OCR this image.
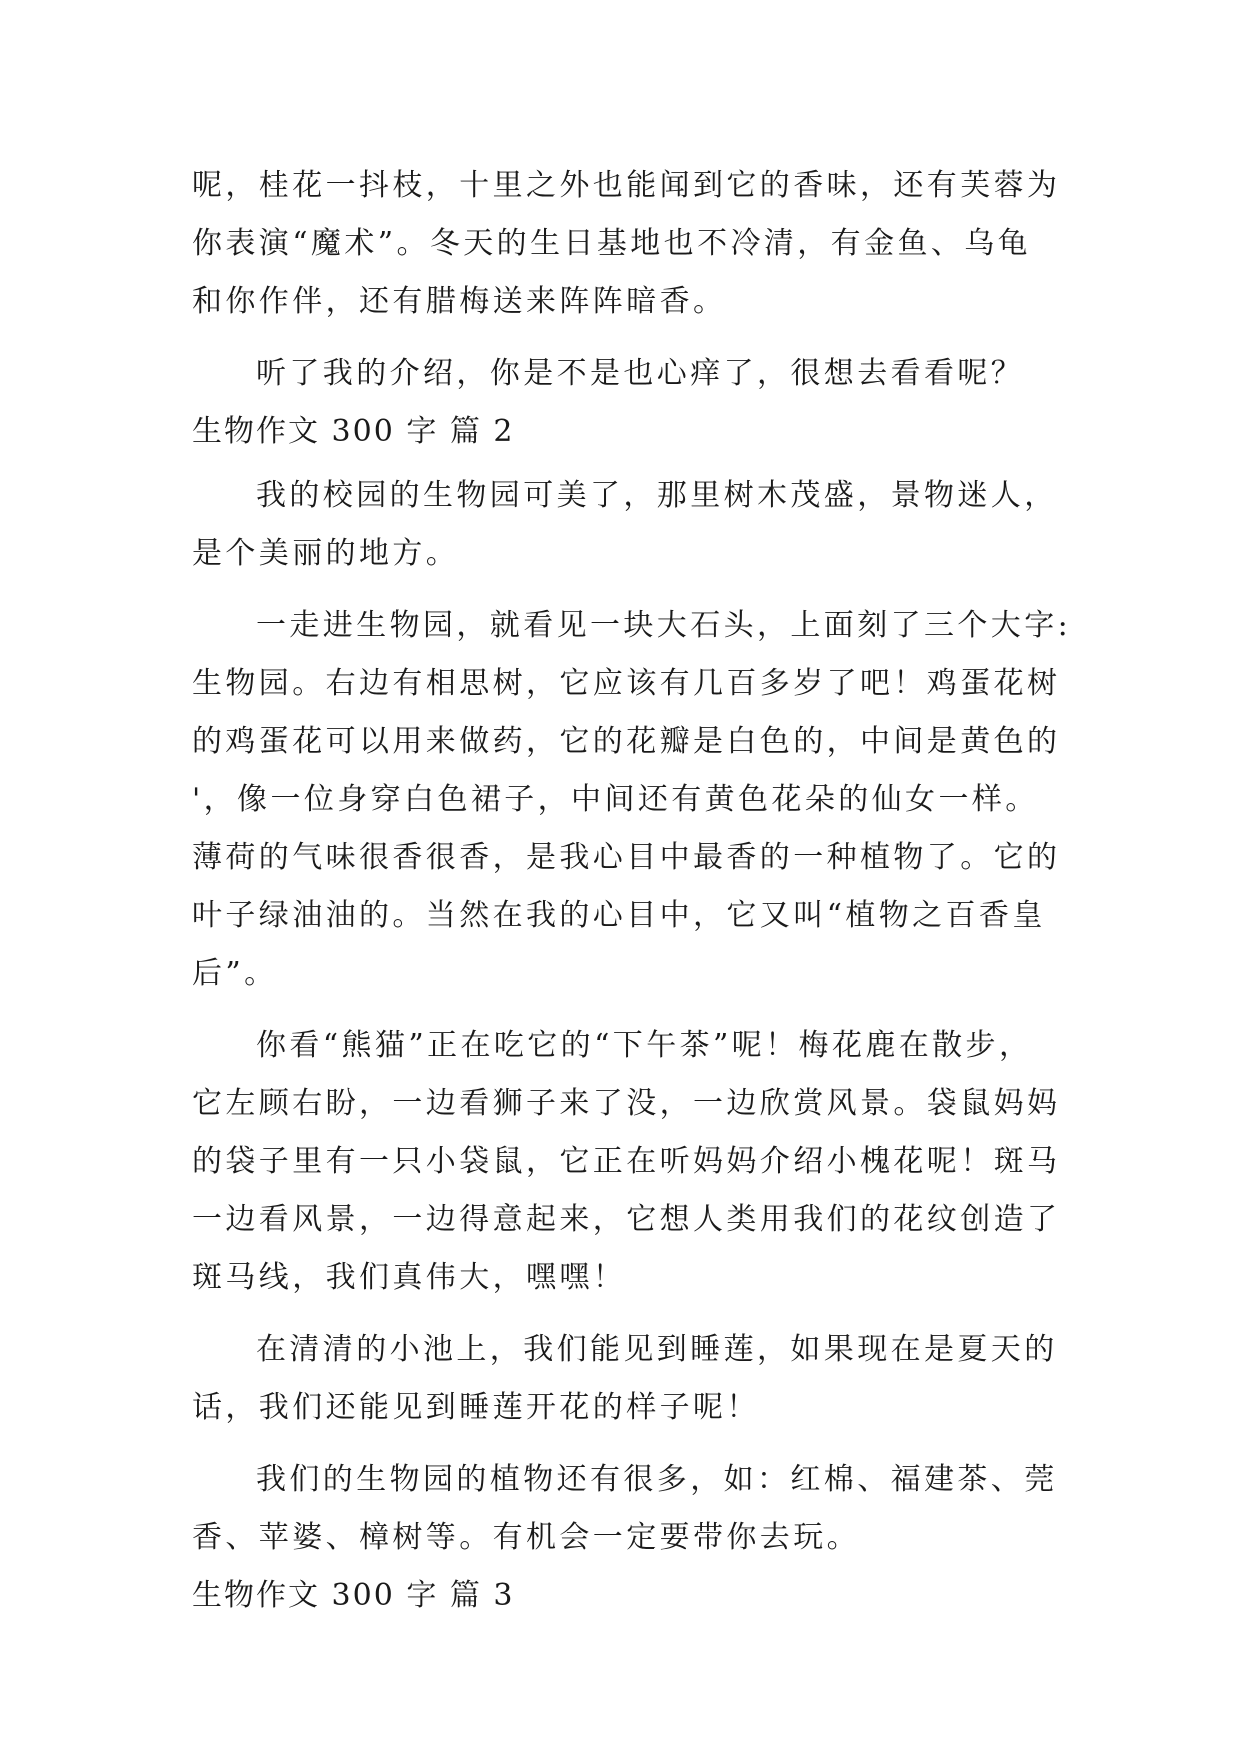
呢，桂花一抖枝，十里之外也能闻到它的香味，还有芙蓉为
你表演“魔术”。冬天的生日基地也不冷清，有金鱼、乌龟
和你作伴，还有腊梅送来阵阵暗香。
听了我的介绍，你是不是也心痒了，很想去看看呢？
生物作文 300 字 篇 2
我的校园的生物园可美了，那里树木茂盛，景物迷人，
是个美丽的地方。
一走进生物园，就看见一块大石头，上面刻了三个大字:
生物园。右边有相思树，它应该有几百多岁了吧！鸡蛋花树
的鸡蛋花可以用来做药，它的花瓣是白色的，中间是黄色的
'，像一位身穿白色裙子，中间还有黄色花朵的仙女一样。
薄荷的气味很香很香，是我心目中最香的一种植物了。它的
叶子绿油油的。当然在我的心目中，它又叫“植物之百香皇
后”。
你看“熊猫”正在吃它的“下午茶”呢！梅花鹿在散步，
它左顾右盼，一边看狮子来了没，一边欣赏风景。袋鼠妈妈
的袋子里有一只小袋鼠，它正在听妈妈介绍小槐花呢！斑马
一边看风景，一边得意起来，它想人类用我们的花纹创造了
斑马线，我们真伟大，嘿嘿！
在清清的小池上，我们能见到睡莲，如果现在是夏天的
话，我们还能见到睡莲开花的样子呢！
我们的生物园的植物还有很多，如：红棉、福建茶、莞
香、苹婆、樟树等。有机会一定要带你去玩。
生物作文 300 字 篇 3
